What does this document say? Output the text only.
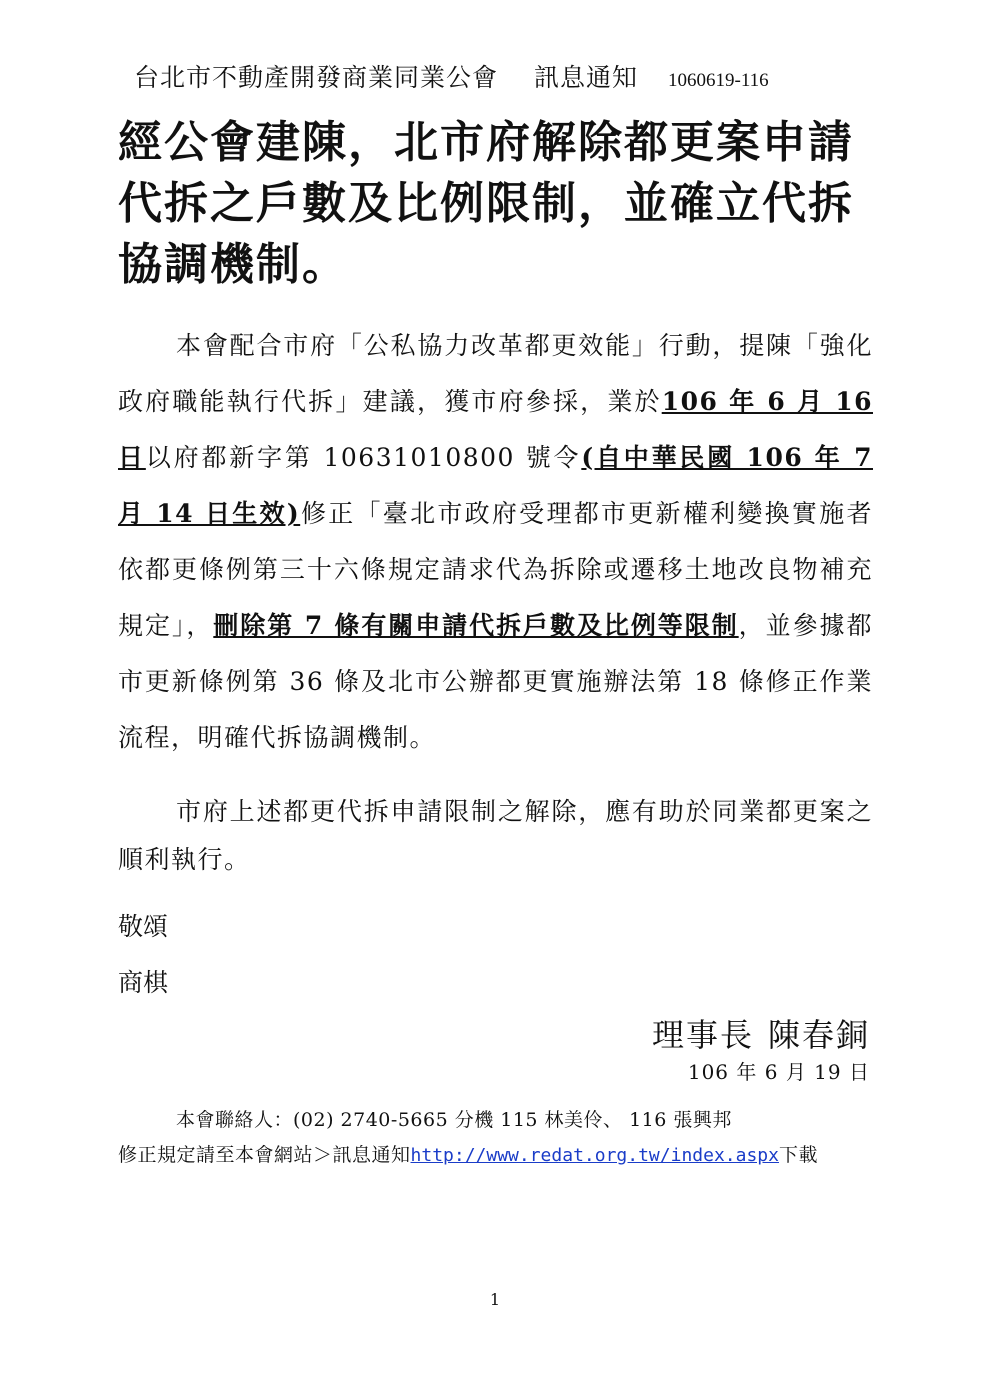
台北市不動產開發商業同業公會 訊息通知 1060619-116
經公會建陳，北市府解除都更案申請
代拆之戶數及比例限制，並確立代拆
協調機制。

本會配合市府「公私協力改革都更效能」行動，提陳「強化政府職能執行代拆」建議，獲市府參採，業於106 年 6 月 16 日以府都新字第 10631010800 號令(自中華民國 106 年 7 月 14 日生效)修正「臺北市政府受理都市更新權利變換實施者依都更條例第三十六條規定請求代為拆除或遷移土地改良物補充規定」，刪除第 7 條有關申請代拆戶數及比例等限制，並參據都市更新條例第 36 條及北市公辦都更實施辦法第 18 條修正作業流程，明確代拆協調機制。

市府上述都更代拆申請限制之解除，應有助於同業都更案之順利執行。

敬頌
商棋
理事長 陳春銅
106 年 6 月 19 日
本會聯絡人：(02) 2740-5665 分機 115 林美伶、 116 張興邦
修正規定請至本會網站＞訊息通知http://www.redat.org.tw/index.aspx下載
1
